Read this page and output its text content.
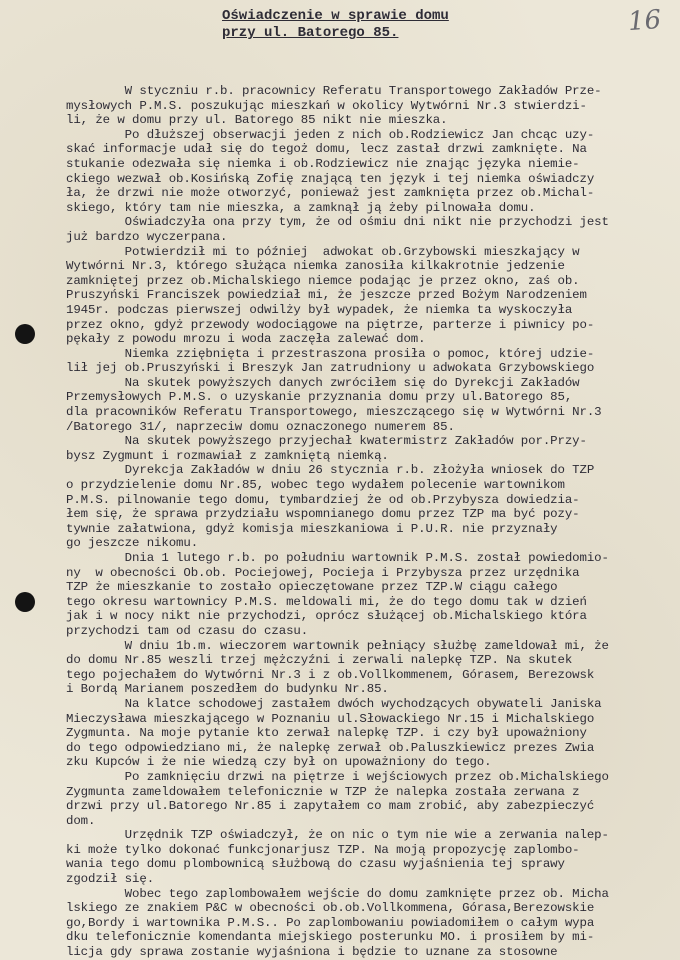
Oświadczenie w sprawie domu
przy ul. Batorego 85.	16
W styczniu r.b. pracownicy Referatu Transportowego Zakładów Prze-
mysłowych P.M.S. poszukując mieszkań w okolicy Wytwórni Nr.3 stwierdzi-
li, że w domu przy ul. Batorego 85 nikt nie mieszka.
Po dłuższej obserwacji jeden z nich ob.Rodziewicz Jan chcąc uzy-
skać informacje udał się do tegoż domu, lecz zastał drzwi zamknięte. Na
stukanie odezwała się niemka i ob.Rodziewicz nie znając języka niemie-
ckiego wezwał ob.Kosińską Zofię znającą ten język i tej niemka oświadczy
ła, że drzwi nie może otworzyć, ponieważ jest zamknięta przez ob.Michal-
skiego, który tam nie mieszka, a zamknął ją żeby pilnowała domu.
Oświadczyła ona przy tym, że od ośmiu dni nikt nie przychodzi jest
już bardzo wyczerpana.
Potwierdził mi to później  adwokat ob.Grzybowski mieszkający w
Wytwórni Nr.3, którego służąca niemka zanosiła kilkakrotnie jedzenie
zamkniętej przez ob.Michalskiego niemce podając je przez okno, zaś ob.
Pruszyński Franciszek powiedział mi, że jeszcze przed Bożym Narodzeniem
1945r. podczas pierwszej odwilży był wypadek, że niemka ta wyskoczyła
przez okno, gdyż przewody wodociągowe na piętrze, parterze i piwnicy po-
pękały z powodu mrozu i woda zaczęła zalewać dom.
Niemka zziębnięta i przestraszona prosiła o pomoc, której udzie-
lił jej ob.Pruszyński i Breszyk Jan zatrudniony u adwokata Grzybowskiego
Na skutek powyższych danych zwróciłem się do Dyrekcji Zakładów
Przemysłowych P.M.S. o uzyskanie przyznania domu przy ul.Batorego 85,
dla pracowników Referatu Transportowego, mieszczącego się w Wytwórni Nr.3
/Batorego 31/, naprzeciw domu oznaczonego numerem 85.
Na skutek powyższego przyjechał kwatermistrz Zakładów por.Przy-
bysz Zygmunt i rozmawiał z zamkniętą niemką.
Dyrekcja Zakładów w dniu 26 stycznia r.b. złożyła wniosek do TZP
o przydzielenie domu Nr.85, wobec tego wydałem polecenie wartownikom
P.M.S. pilnowanie tego domu, tymbardziej że od ob.Przybysza dowiedzia-
łem się, że sprawa przydziału wspomnianego domu przez TZP ma być pozy-
tywnie załatwiona, gdyż komisja mieszkaniowa i P.U.R. nie przyznały
go jeszcze nikomu.
Dnia 1 lutego r.b. po południu wartownik P.M.S. został powiedomio-
ny  w obecności Ob.ob. Pociejowej, Pocieja i Przybysza przez urzędnika
TZP że mieszkanie to zostało opieczętowane przez TZP.W ciągu całego
tego okresu wartownicy P.M.S. meldowali mi, że do tego domu tak w dzień
jak i w nocy nikt nie przychodzi, oprócz służącej ob.Michalskiego która
przychodzi tam od czasu do czasu.
W dniu 1b.m. wieczorem wartownik pełniący służbę zameldował mi, że
do domu Nr.85 weszli trzej mężczyźni i zerwali nalepkę TZP. Na skutek
tego pojechałem do Wytwórni Nr.3 i z ob.Vollkommenem, Górasem, Berezowsk
i Bordą Marianem poszedłem do budynku Nr.85.
Na klatce schodowej zastałem dwóch wychodzących obywateli Janiska
Mieczysława mieszkającego w Poznaniu ul.Słowackiego Nr.15 i Michalskiego
Zygmunta. Na moje pytanie kto zerwał nalepkę TZP. i czy był upoważniony
do tego odpowiedziano mi, że nalepkę zerwał ob.Paluszkiewicz prezes Zwia
zku Kupców i że nie wiedzą czy był on upoważniony do tego.
Po zamknięciu drzwi na piętrze i wejściowych przez ob.Michalskiego
Zygmunta zameldowałem telefonicznie w TZP że nalepka została zerwana z
drzwi przy ul.Batorego Nr.85 i zapytałem co mam zrobić, aby zabezpieczyć
dom.
Urzędnik TZP oświadczył, że on nic o tym nie wie a zerwania nalep-
ki może tylko dokonać funkcjonarjusz TZP. Na moją propozycję zaplombo-
wania tego domu plombownicą służbową do czasu wyjaśnienia tej sprawy
zgodził się.
Wobec tego zaplombowałem wejście do domu zamknięte przez ob. Micha
lskiego ze znakiem P&C w obecności ob.ob.Vollkommena, Górasa,Berezowskie
go,Bordy i wartownika P.M.S.. Po zaplombowaniu powiadomiłem o całym wypa
dku telefonicznie komendanta miejskiego posterunku MO. i prosiłem by mi-
licja gdy sprawa zostanie wyjaśniona i będzie to uznane za stosowne
